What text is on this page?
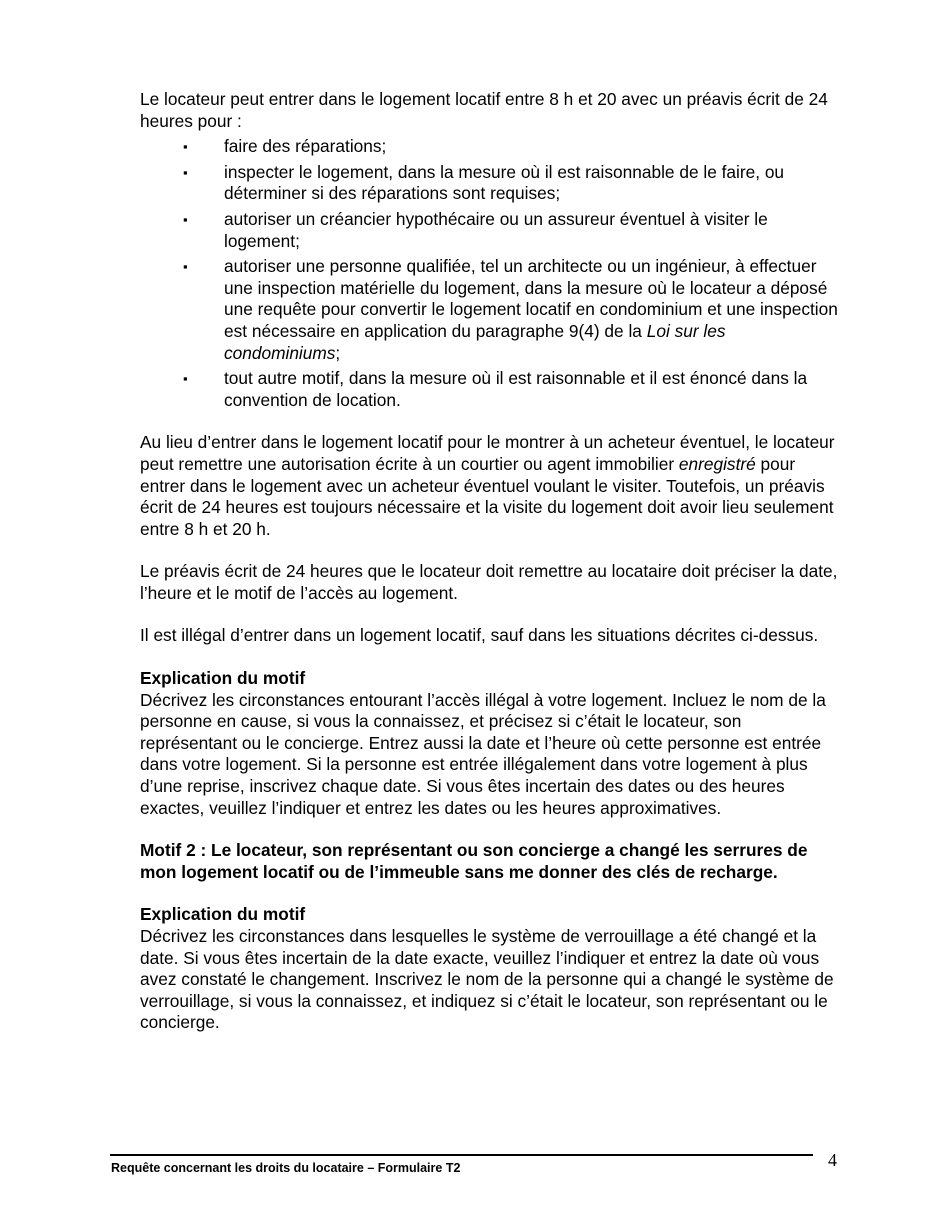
Le locateur peut entrer dans le logement locatif entre 8 h et 20 avec un préavis écrit de 24 heures pour :

▪ faire des réparations;
▪ inspecter le logement, dans la mesure où il est raisonnable de le faire, ou déterminer si des réparations sont requises;
▪ autoriser un créancier hypothécaire ou un assureur éventuel à visiter le logement;
▪ autoriser une personne qualifiée, tel un architecte ou un ingénieur, à effectuer une inspection matérielle du logement, dans la mesure où le locateur a déposé une requête pour convertir le logement locatif en condominium et une inspection est nécessaire en application du paragraphe 9(4) de la Loi sur les condominiums;
▪ tout autre motif, dans la mesure où il est raisonnable et il est énoncé dans la convention de location.

Au lieu d’entrer dans le logement locatif pour le montrer à un acheteur éventuel, le locateur peut remettre une autorisation écrite à un courtier ou agent immobilier enregistré pour entrer dans le logement avec un acheteur éventuel voulant le visiter. Toutefois, un préavis écrit de 24 heures est toujours nécessaire et la visite du logement doit avoir lieu seulement entre 8 h et 20 h.

Le préavis écrit de 24 heures que le locateur doit remettre au locataire doit préciser la date, l’heure et le motif de l’accès au logement.

Il est illégal d’entrer dans un logement locatif, sauf dans les situations décrites ci-dessus.

Explication du motif

Décrivez les circonstances entourant l’accès illégal à votre logement. Incluez le nom de la personne en cause, si vous la connaissez, et précisez si c’était le locateur, son représentant ou le concierge. Entrez aussi la date et l’heure où cette personne est entrée dans votre logement. Si la personne est entrée illégalement dans votre logement à plus d’une reprise, inscrivez chaque date. Si vous êtes incertain des dates ou des heures exactes, veuillez l’indiquer et entrez les dates ou les heures approximatives.

Motif 2 : Le locateur, son représentant ou son concierge a changé les serrures de mon logement locatif ou de l’immeuble sans me donner des clés de recharge.

Explication du motif

Décrivez les circonstances dans lesquelles le système de verrouillage a été changé et la date. Si vous êtes incertain de la date exacte, veuillez l’indiquer et entrez la date où vous avez constaté le changement. Inscrivez le nom de la personne qui a changé le système de verrouillage, si vous la connaissez, et indiquez si c’était le locateur, son représentant ou le concierge.

Requête concernant les droits du locataire – Formulaire T2	4
